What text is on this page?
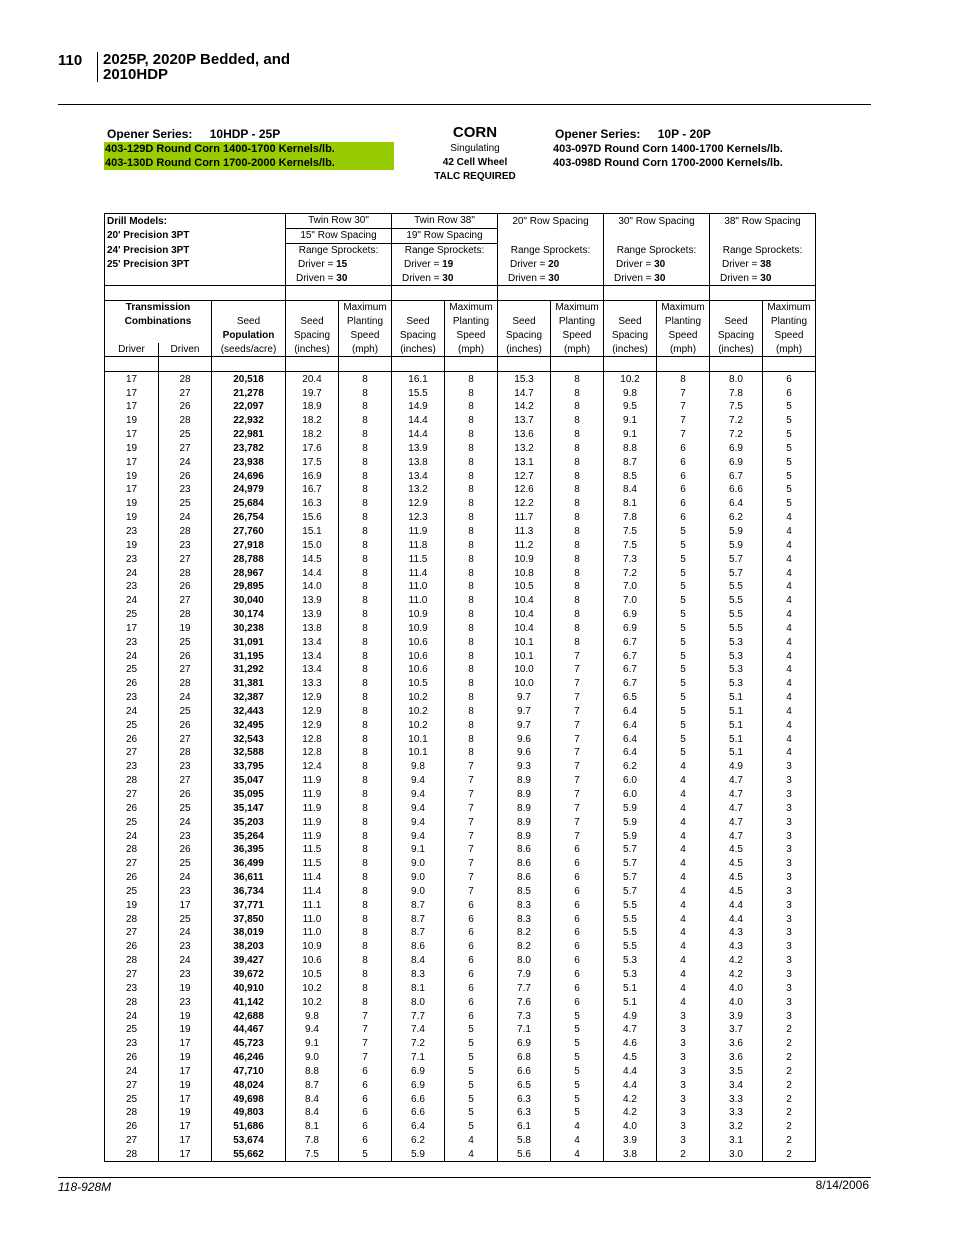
110 2025P, 2020P Bedded, and
2010HDP
Opener Series: 10HDP - 25P
403-129D Round Corn 1400-1700 Kernels/lb.
403-130D Round Corn 1700-2000 Kernels/lb.
CORN
Singulating
42 Cell Wheel
TALC REQUIRED
Opener Series: 10P - 20P
403-097D Round Corn 1400-1700 Kernels/lb.
403-098D Round Corn 1700-2000 Kernels/lb.
Drill Models:			Twin Row 30"		Twin Row 38"		20" Row Spacing		30" Row Spacing		38" Row Spacing	
20' Precision 3PT			15" Row Spacing		19" Row Spacing							
24' Precision 3PT			Range Sprockets:		Range Sprockets:		Range Sprockets:		Range Sprockets:		Range Sprockets:	
25' Precision 3PT			Driver = 15		Driver = 19		Driver = 20		Driver = 30		Driver = 38	
			Driven = 30		Driven = 30		Driven = 30		Driven = 30		Driven = 30	

Transmission				Maximum		Maximum		Maximum		Maximum		Maximum
Combinations		Seed	Seed	Planting	Seed	Planting	Seed	Planting	Seed	Planting	Seed	Planting
		Population	Spacing	Speed	Spacing	Speed	Spacing	Speed	Spacing	Speed	Spacing	Speed
Driver	Driven	(seeds/acre)	(inches)	(mph)	(inches)	(mph)	(inches)	(mph)	(inches)	(mph)	(inches)	(mph)

17	28	20,518	20.4	8	16.1	8	15.3	8	10.2	8	8.0	6
17	27	21,278	19.7	8	15.5	8	14.7	8	9.8	7	7.8	6
17	26	22,097	18.9	8	14.9	8	14.2	8	9.5	7	7.5	5
19	28	22,932	18.2	8	14.4	8	13.7	8	9.1	7	7.2	5
17	25	22,981	18.2	8	14.4	8	13.6	8	9.1	7	7.2	5
19	27	23,782	17.6	8	13.9	8	13.2	8	8.8	6	6.9	5
17	24	23,938	17.5	8	13.8	8	13.1	8	8.7	6	6.9	5
19	26	24,696	16.9	8	13.4	8	12.7	8	8.5	6	6.7	5
17	23	24,979	16.7	8	13.2	8	12.6	8	8.4	6	6.6	5
19	25	25,684	16.3	8	12.9	8	12.2	8	8.1	6	6.4	5
19	24	26,754	15.6	8	12.3	8	11.7	8	7.8	6	6.2	4
23	28	27,760	15.1	8	11.9	8	11.3	8	7.5	5	5.9	4
19	23	27,918	15.0	8	11.8	8	11.2	8	7.5	5	5.9	4
23	27	28,788	14.5	8	11.5	8	10.9	8	7.3	5	5.7	4
24	28	28,967	14.4	8	11.4	8	10.8	8	7.2	5	5.7	4
23	26	29,895	14.0	8	11.0	8	10.5	8	7.0	5	5.5	4
24	27	30,040	13.9	8	11.0	8	10.4	8	7.0	5	5.5	4
25	28	30,174	13.9	8	10.9	8	10.4	8	6.9	5	5.5	4
17	19	30,238	13.8	8	10.9	8	10.4	8	6.9	5	5.5	4
23	25	31,091	13.4	8	10.6	8	10.1	8	6.7	5	5.3	4
24	26	31,195	13.4	8	10.6	8	10.1	7	6.7	5	5.3	4
25	27	31,292	13.4	8	10.6	8	10.0	7	6.7	5	5.3	4
26	28	31,381	13.3	8	10.5	8	10.0	7	6.7	5	5.3	4
23	24	32,387	12.9	8	10.2	8	9.7	7	6.5	5	5.1	4
24	25	32,443	12.9	8	10.2	8	9.7	7	6.4	5	5.1	4
25	26	32,495	12.9	8	10.2	8	9.7	7	6.4	5	5.1	4
26	27	32,543	12.8	8	10.1	8	9.6	7	6.4	5	5.1	4
27	28	32,588	12.8	8	10.1	8	9.6	7	6.4	5	5.1	4
23	23	33,795	12.4	8	9.8	7	9.3	7	6.2	4	4.9	3
28	27	35,047	11.9	8	9.4	7	8.9	7	6.0	4	4.7	3
27	26	35,095	11.9	8	9.4	7	8.9	7	6.0	4	4.7	3
26	25	35,147	11.9	8	9.4	7	8.9	7	5.9	4	4.7	3
25	24	35,203	11.9	8	9.4	7	8.9	7	5.9	4	4.7	3
24	23	35,264	11.9	8	9.4	7	8.9	7	5.9	4	4.7	3
28	26	36,395	11.5	8	9.1	7	8.6	6	5.7	4	4.5	3
27	25	36,499	11.5	8	9.0	7	8.6	6	5.7	4	4.5	3
26	24	36,611	11.4	8	9.0	7	8.6	6	5.7	4	4.5	3
25	23	36,734	11.4	8	9.0	7	8.5	6	5.7	4	4.5	3
19	17	37,771	11.1	8	8.7	6	8.3	6	5.5	4	4.4	3
28	25	37,850	11.0	8	8.7	6	8.3	6	5.5	4	4.4	3
27	24	38,019	11.0	8	8.7	6	8.2	6	5.5	4	4.3	3
26	23	38,203	10.9	8	8.6	6	8.2	6	5.5	4	4.3	3
28	24	39,427	10.6	8	8.4	6	8.0	6	5.3	4	4.2	3
27	23	39,672	10.5	8	8.3	6	7.9	6	5.3	4	4.2	3
23	19	40,910	10.2	8	8.1	6	7.7	6	5.1	4	4.0	3
28	23	41,142	10.2	8	8.0	6	7.6	6	5.1	4	4.0	3
24	19	42,688	9.8	7	7.7	6	7.3	5	4.9	3	3.9	3
25	19	44,467	9.4	7	7.4	5	7.1	5	4.7	3	3.7	2
23	17	45,723	9.1	7	7.2	5	6.9	5	4.6	3	3.6	2
26	19	46,246	9.0	7	7.1	5	6.8	5	4.5	3	3.6	2
24	17	47,710	8.8	6	6.9	5	6.6	5	4.4	3	3.5	2
27	19	48,024	8.7	6	6.9	5	6.5	5	4.4	3	3.4	2
25	17	49,698	8.4	6	6.6	5	6.3	5	4.2	3	3.3	2
28	19	49,803	8.4	6	6.6	5	6.3	5	4.2	3	3.3	2
26	17	51,686	8.1	6	6.4	5	6.1	4	4.0	3	3.2	2
27	17	53,674	7.8	6	6.2	4	5.8	4	3.9	3	3.1	2
28	17	55,662	7.5	5	5.9	4	5.6	4	3.8	2	3.0	2
118-928M	8/14/2006
